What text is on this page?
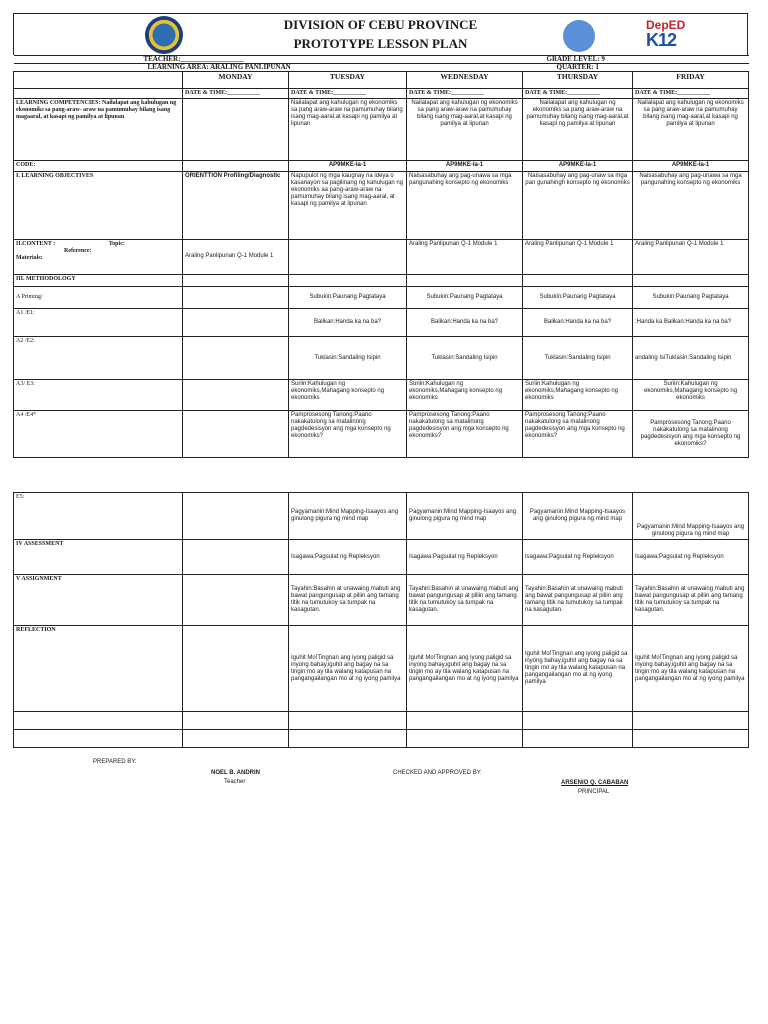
DIVISION OF CEBU PROVINCE
PROTOTYPE LESSON PLAN
DepED
K12
TEACHER:__________________			GRADE LEVEL: 9		
LEARNING AREA: ARALING PANLIPUNAN			QUARTER: 1		
	MONDAY	TUESDAY	WEDNESDAY	THURSDAY	FRIDAY
	DATE & TIME:___________	DATE & TIME:___________	DATE & TIME:___________	DATE & TIME:___________	DATE & TIME:___________
LEARNING COMPETENCIES: Nailalapat ang kahulugan ng ekonomiks sa pang-araw- araw na pamumuhay bilang isang magaaral, at kasapi ng pamilya at lipunan		Nailalapat ang kahulugan ng ekonomiks sa pang araw-araw na pamumuhay bilang isang mag-aaral,at kasapi ng pamilya at lipunan	Nailalapat ang kahulugan ng ekonomiks sa pang araw-araw na pamumuhay bilang isang mag-aaral,at kasapi ng pamilya at lipunan	Nailalapat ang kahulugan ng ekonomiks sa pang araw-araw na pamumuhay bilang isang mag-aaral,at kasapi ng pamilya at lipunan	Nailalapat ang kahulugan ng ekonomiks sa pang araw-araw na pamumuhay bilang isang mag-aaral,at kasapi ng pamilya at lipunan
CODE:		AP9MKE-Ia-1	AP9MKE-Ia-1	AP9MKE-Ia-1	AP9MKE-Ia-1
I. LEARNING OBJECTIVES	ORIENTTION Profiling/Diagnostic	Napupulot ng mga kaugnay na ideya o kasanayon sa pagilinang ng kahulugan ng ekonomiks aa pang-araw-araw na pamumuhay bilang isang mag-aaral, at kasapi ng pamilya at lipunan	Naisasabuhay ang pag-unawa sa mga pangunahing konsepto ng ekonomiks	Naisasabuhay ang pag-unaw sa mga pan gunahingh konsepto ng ekonomiks	Naisasabuhay ang pag-unawa sa mga pangunahing konsepto ng ekonomiks

II.CONTENT : Topic:
Reference:
Materials:	Araling Panlipunan Q-1 Module 1		Araling Panlipunan Q-1 Module 1	Araling Panlipunan Q-1 Module 1	Araling Panlipunan Q-1 Module 1
III. METHODOLOGY					
A Priming/		Subukin:Paunang Pagtataya	Subukin:Paunang Pagtataya	Subukin:Paunang Pagtataya	Subukin:Paunang Pagtataya
A1 /E1:		Balikan:Handa ka na ba?	Balikan:Handa ka na ba?	Balikan:Handa ka na ba?	:Handa ka Balikan:Handa ka na ba?
A2 /E2:		Tuklasin:Sandaling Isipin	Tuklasin:Sandaling Isipin	Tuklasin:Sandaling Isipin	andaling IsiTuklasin:Sandaling Isipin
A3/ E3:		Suriin:Kahulugan ng ekonomiks,Mahagang konsepto ng ekonomiks	Suriin:Kahulugan ng ekonomiks,Mahagang konsepto ng ekonomiks	Suriin:Kahulugan ng ekonomiks,Mahagang konsepto ng ekonomiks	Suriin:Kahulugan ng ekonomiks,Mahagang konsepto ng ekonomiks
A4 /E4*		Pamprosesong Tanong:Paano nakakatulong sa matalinong pagdedesisyon ang mga konsepto ng ekonomiks?	Pamprosesong Tanong:Paano nakakatulong sa matalinong pagdedesisyon ang mga konsepto ng ekonomiks?	Pamprosesong Tanong:Paano nakakatulong sa matalinong pagdedesisyon ang mga konsepto ng ekonomiks?	Pamprosesong Tanong:Paano nakakatulong sa matalinong pagdedesisyon ang mga konsepto ng ekonomiks?
E5:		Pagyamanin:Mind Mapping-Isaayos ang ginulong pigura ng mind map	Pagyamanin:Mind Mapping-Isaayos ang ginulong pigura ng mind map	Pagyamanin:Mind Mapping-Isaayos ang ginulong pigura ng mind map	Pagyamanin:Mind Mapping-Isaayos ang ginulong pigura ng mind map
IV ASSESSMENT		Isagawa:Pagsulat ng Repleksyon	Isagawa:Pagsulat ng Repleksyon	Isagawa:Pagsulat ng Repleksyon	Isagawa:Pagsulat ng Repleksyon
V ASSIGNMENT		Tayahin:Basahin at unawaing mabuti ang bawat pangungusap at piliin ang tamang titik na tumutukoy sa tumpak na kasagutan.	Tayahin:Basahin at unawaing mabuti ang bawat pangungusap at piliin ang tamang titik na tumutukoy sa tumpak na kasagutan.	Tayahin:Basahin at unawaing mabuti ang bawat pangungusap at piliin ang tamang titik na tumutukoy sa tumpak na kasagutan.	Tayahin:Basahin at unawaing mabuti ang bawat pangungusap at piliin ang tamang titik na tumutukoy sa tumpak na kasagutan.
REFLECTION		Iguhit Mo!Tingnan ang iyong paligid sa inyong bahay,iguhit ang bagay na sa tingin mo ay tila walang katapusan na pangangailangan mo at ng iyong pamilya	Iguhit Mo!Tingnan ang iyong paligid sa inyong bahay,iguhit ang bagay na sa tingin mo ay tila walang katapusan na pangangailangan mo at ng iyong pamilya	Iguhit Mo!Tingnan ang iyong paligid sa inyong bahay,iguhit ang bagay na sa tingin mo ay tila walang katapusan na pangangailangan mo at ng iyong pamilya	Iguhit Mo!Tingnan ang iyong paligid sa inyong bahay,iguhit ang bagay na sa tingin mo ay tila walang katapusan na pangangailangan mo at ng iyong pamilya

PREPARED BY:
NOEL B. ANDRIN
Teacher
CHECKED AND APPROVED BY:
ARSENIO Q. CABABAN
PRINCIPAL
